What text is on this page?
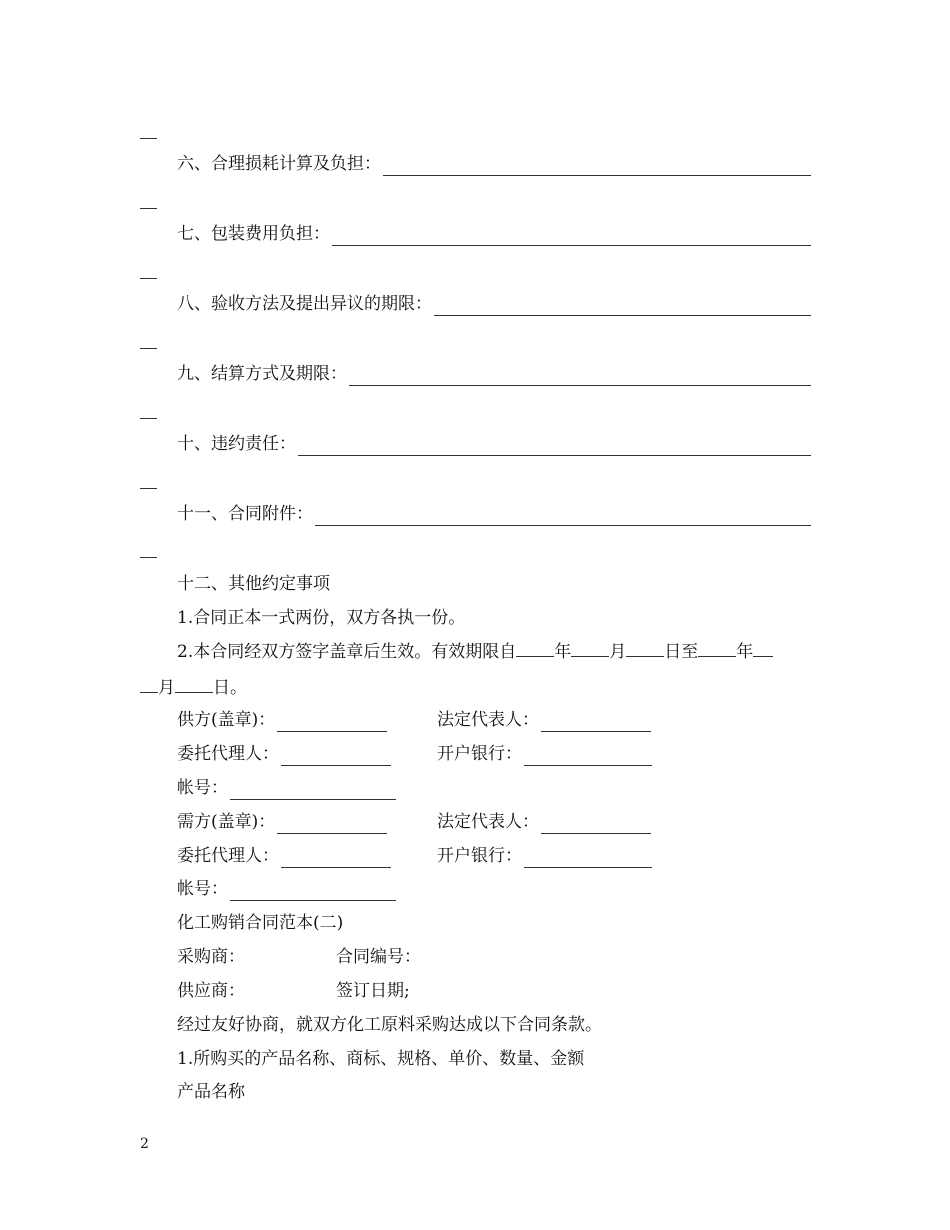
六、合理损耗计算及负担：
七、包装费用负担：
八、验收方法及提出异议的期限：
九、结算方式及期限：
十、违约责任：
十一、合同附件：
十二、其他约定事项
1.合同正本一式两份，双方各执一份。
2.本合同经双方签字盖章后生效。有效期限自 年 月 日至 年
月 日。
供方(盖章)：	法定代表人：
委托代理人：	开户银行：
帐号：
需方(盖章)：	法定代表人：
委托代理人：	开户银行：
帐号：
化工购销合同范本(二)
采购商：	合同编号：
供应商：	签订日期;
经过友好协商，就双方化工原料采购达成以下合同条款。
1.所购买的产品名称、商标、规格、单价、数量、金额
产品名称
2
